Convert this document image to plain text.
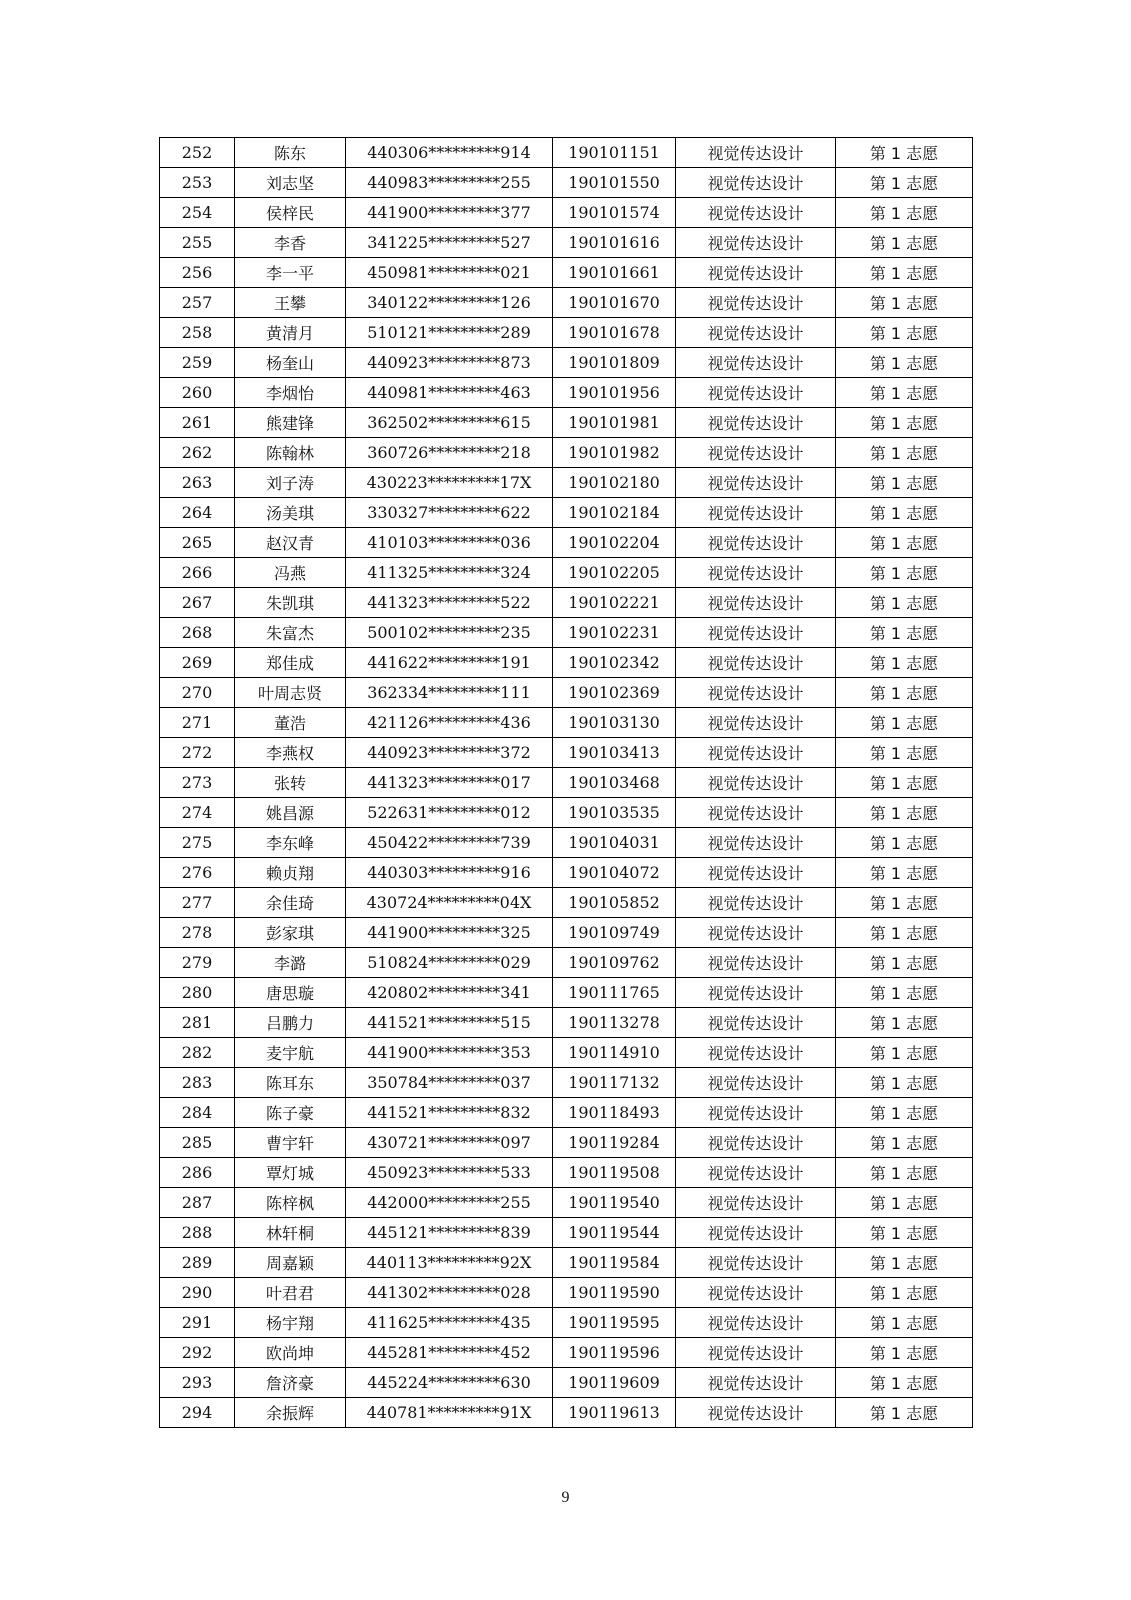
252	陈东	440306*********914	190101151	视觉传达设计	第 1 志愿
253	刘志坚	440983*********255	190101550	视觉传达设计	第 1 志愿
254	侯梓民	441900*********377	190101574	视觉传达设计	第 1 志愿
255	李香	341225*********527	190101616	视觉传达设计	第 1 志愿
256	李一平	450981*********021	190101661	视觉传达设计	第 1 志愿
257	王攀	340122*********126	190101670	视觉传达设计	第 1 志愿
258	黄清月	510121*********289	190101678	视觉传达设计	第 1 志愿
259	杨奎山	440923*********873	190101809	视觉传达设计	第 1 志愿
260	李烟怡	440981*********463	190101956	视觉传达设计	第 1 志愿
261	熊建锋	362502*********615	190101981	视觉传达设计	第 1 志愿
262	陈翰林	360726*********218	190101982	视觉传达设计	第 1 志愿
263	刘子涛	430223*********17X	190102180	视觉传达设计	第 1 志愿
264	汤美琪	330327*********622	190102184	视觉传达设计	第 1 志愿
265	赵汉青	410103*********036	190102204	视觉传达设计	第 1 志愿
266	冯燕	411325*********324	190102205	视觉传达设计	第 1 志愿
267	朱凯琪	441323*********522	190102221	视觉传达设计	第 1 志愿
268	朱富杰	500102*********235	190102231	视觉传达设计	第 1 志愿
269	郑佳成	441622*********191	190102342	视觉传达设计	第 1 志愿
270	叶周志贤	362334*********111	190102369	视觉传达设计	第 1 志愿
271	董浩	421126*********436	190103130	视觉传达设计	第 1 志愿
272	李燕权	440923*********372	190103413	视觉传达设计	第 1 志愿
273	张转	441323*********017	190103468	视觉传达设计	第 1 志愿
274	姚昌源	522631*********012	190103535	视觉传达设计	第 1 志愿
275	李东峰	450422*********739	190104031	视觉传达设计	第 1 志愿
276	赖贞翔	440303*********916	190104072	视觉传达设计	第 1 志愿
277	余佳琦	430724*********04X	190105852	视觉传达设计	第 1 志愿
278	彭家琪	441900*********325	190109749	视觉传达设计	第 1 志愿
279	李潞	510824*********029	190109762	视觉传达设计	第 1 志愿
280	唐思璇	420802*********341	190111765	视觉传达设计	第 1 志愿
281	吕鹏力	441521*********515	190113278	视觉传达设计	第 1 志愿
282	麦宇航	441900*********353	190114910	视觉传达设计	第 1 志愿
283	陈耳东	350784*********037	190117132	视觉传达设计	第 1 志愿
284	陈子豪	441521*********832	190118493	视觉传达设计	第 1 志愿
285	曹宇轩	430721*********097	190119284	视觉传达设计	第 1 志愿
286	覃灯城	450923*********533	190119508	视觉传达设计	第 1 志愿
287	陈梓枫	442000*********255	190119540	视觉传达设计	第 1 志愿
288	林轩桐	445121*********839	190119544	视觉传达设计	第 1 志愿
289	周嘉颖	440113*********92X	190119584	视觉传达设计	第 1 志愿
290	叶君君	441302*********028	190119590	视觉传达设计	第 1 志愿
291	杨宇翔	411625*********435	190119595	视觉传达设计	第 1 志愿
292	欧尚坤	445281*********452	190119596	视觉传达设计	第 1 志愿
293	詹济豪	445224*********630	190119609	视觉传达设计	第 1 志愿
294	余振辉	440781*********91X	190119613	视觉传达设计	第 1 志愿
9
